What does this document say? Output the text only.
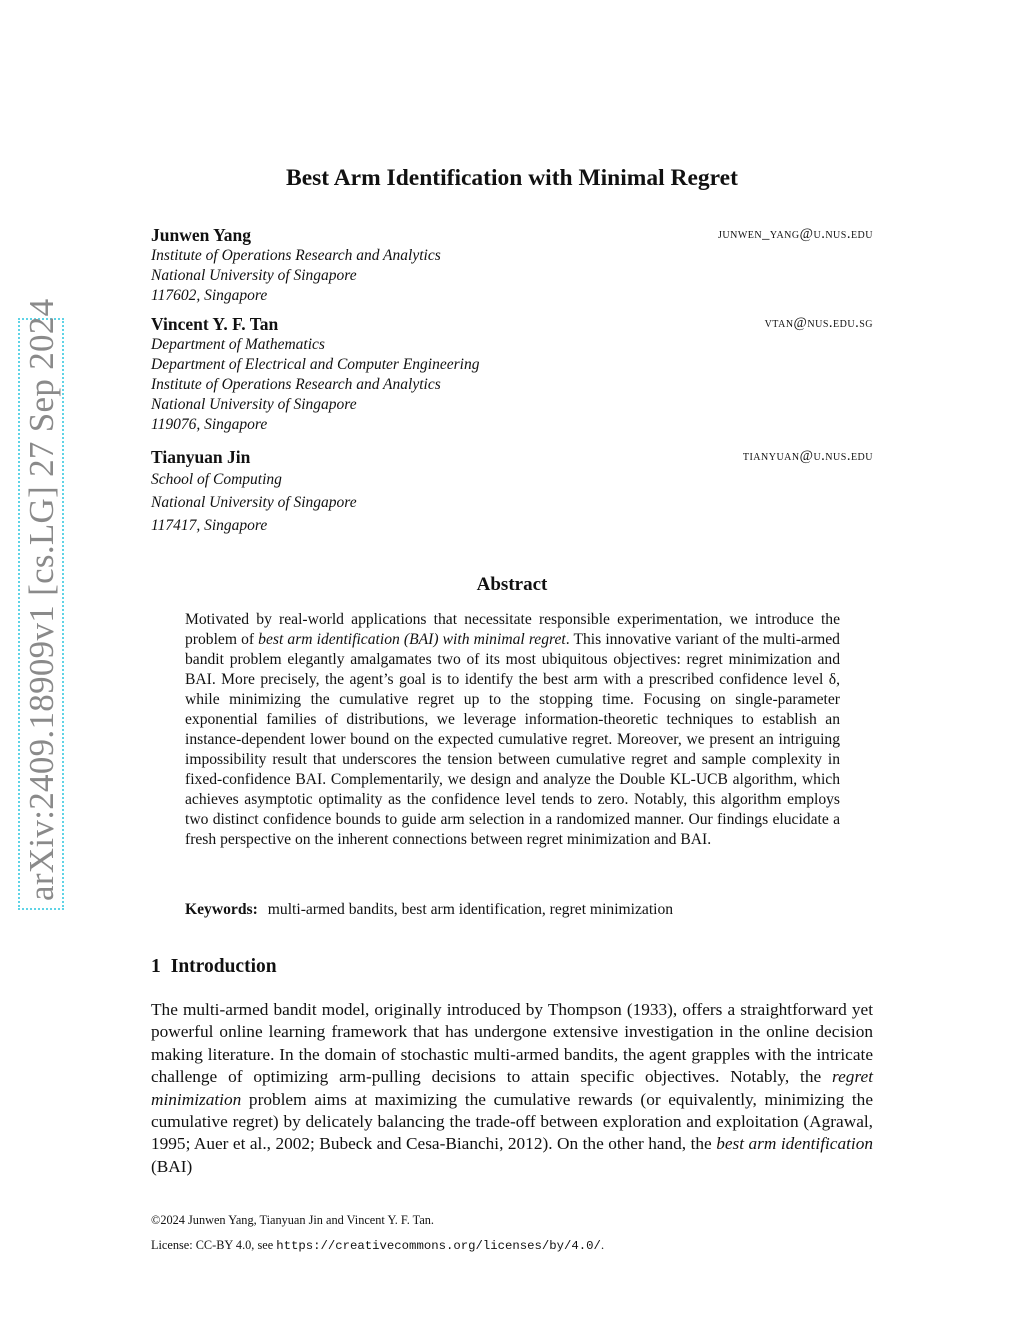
arXiv:2409.18909v1 [cs.LG] 27 Sep 2024
Best Arm Identification with Minimal Regret
Junwen Yang	junwen_yang@u.nus.edu
Institute of Operations Research and Analytics
National University of Singapore
117602, Singapore
Vincent Y. F. Tan	vtan@nus.edu.sg
Department of Mathematics
Department of Electrical and Computer Engineering
Institute of Operations Research and Analytics
National University of Singapore
119076, Singapore
Tianyuan Jin	tianyuan@u.nus.edu
School of Computing
National University of Singapore
117417, Singapore
Abstract
Motivated by real-world applications that necessitate responsible experimentation, we introduce the problem of best arm identification (BAI) with minimal regret. This innovative variant of the multi-armed bandit problem elegantly amalgamates two of its most ubiquitous objectives: regret minimization and BAI. More precisely, the agent’s goal is to identify the best arm with a prescribed confidence level δ, while minimizing the cumulative regret up to the stopping time. Focusing on single-parameter exponential families of distributions, we leverage information-theoretic techniques to establish an instance-dependent lower bound on the expected cumulative regret. Moreover, we present an intriguing impossibility result that underscores the tension between cumulative regret and sample complexity in fixed-confidence BAI. Complementarily, we design and analyze the Double KL-UCB algorithm, which achieves asymptotic optimality as the confidence level tends to zero. Notably, this algorithm employs two distinct confidence bounds to guide arm selection in a randomized manner. Our findings elucidate a fresh perspective on the inherent connections between regret minimization and BAI.
Keywords: multi-armed bandits, best arm identification, regret minimization
1 Introduction
The multi-armed bandit model, originally introduced by Thompson (1933), offers a straightforward yet powerful online learning framework that has undergone extensive investigation in the online decision making literature. In the domain of stochastic multi-armed bandits, the agent grapples with the intricate challenge of optimizing arm-pulling decisions to attain specific objectives. Notably, the regret minimization problem aims at maximizing the cumulative rewards (or equivalently, minimizing the cumulative regret) by delicately balancing the trade-off between exploration and exploitation (Agrawal, 1995; Auer et al., 2002; Bubeck and Cesa-Bianchi, 2012). On the other hand, the best arm identification (BAI)
©2024 Junwen Yang, Tianyuan Jin and Vincent Y. F. Tan.
License: CC-BY 4.0, see https://creativecommons.org/licenses/by/4.0/.
